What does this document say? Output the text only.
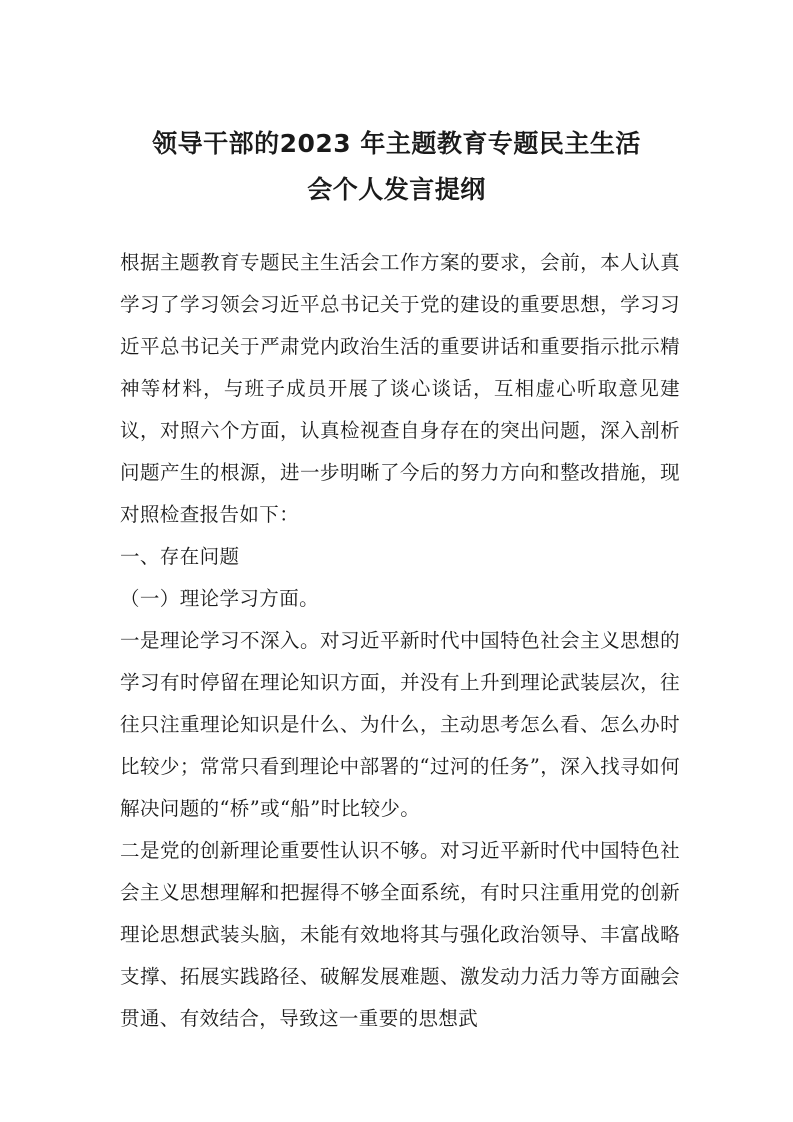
领导干部的2023 年主题教育专题民主生活
会个人发言提纲

根据主题教育专题民主生活会工作方案的要求，会前，本人认真学习了学习领会习近平总书记关于党的建设的重要思想，学习习近平总书记关于严肃党内政治生活的重要讲话和重要指示批示精神等材料，与班子成员开展了谈心谈话，互相虚心听取意见建议，对照六个方面，认真检视查自身存在的突出问题，深入剖析问题产生的根源，进一步明晰了今后的努力方向和整改措施，现对照检查报告如下：

一、存在问题

（一）理论学习方面。

一是理论学习不深入。对习近平新时代中国特色社会主义思想的学习有时停留在理论知识方面，并没有上升到理论武装层次，往往只注重理论知识是什么、为什么，主动思考怎么看、怎么办时比较少；常常只看到理论中部署的“过河的任务”，深入找寻如何解决问题的“桥”或“船”时比较少。

二是党的创新理论重要性认识不够。对习近平新时代中国特色社会主义思想理解和把握得不够全面系统，有时只注重用党的创新理论思想武装头脑，未能有效地将其与强化政治领导、丰富战略支撑、拓展实践路径、破解发展难题、激发动力活力等方面融会贯通、有效结合，导致这一重要的思想武
